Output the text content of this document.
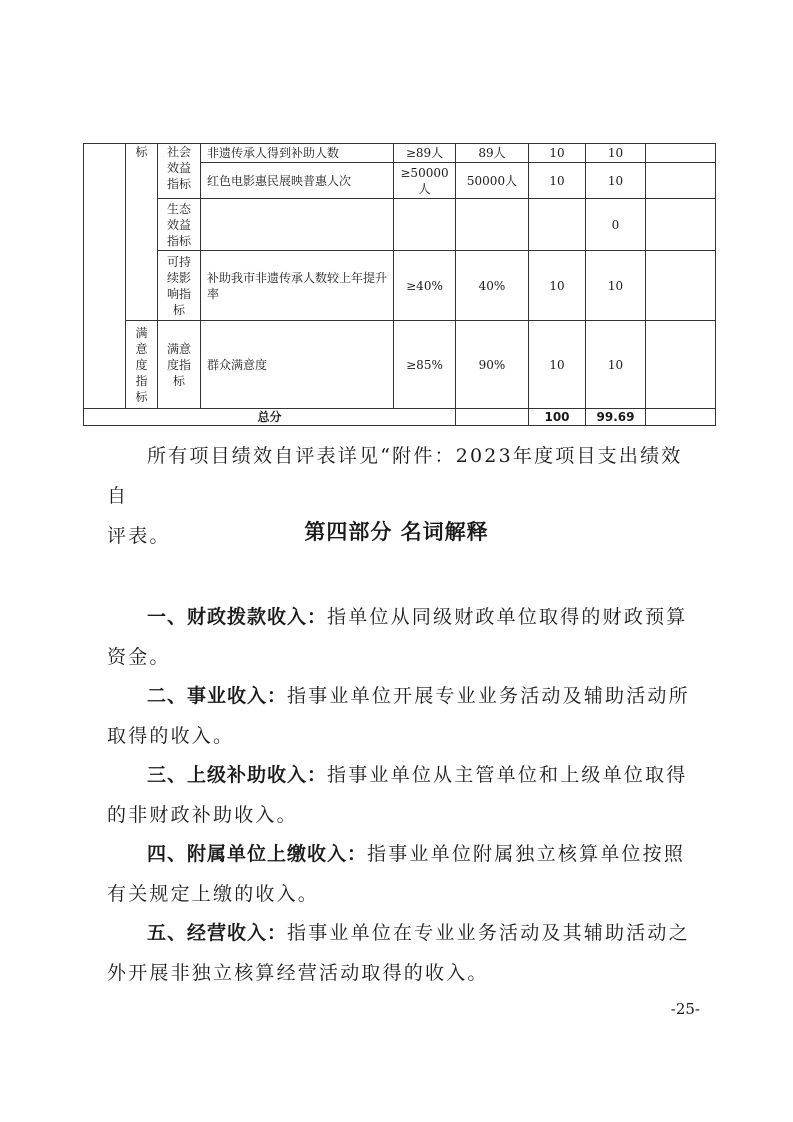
	标	社会效益指标	非遗传承人得到补助人数	≥89人	89人	10	10	
			红色电影惠民展映普惠人次	≥50000人	50000人	10	10	
		生态效益指标					0	
		可持续影响指标	补助我市非遗传承人数较上年提升率	≥40%	40%	10	10	
	满意度指标	满意度指标	群众满意度	≥85%	90%	10	10	
总分						100	99.69	
所有项目绩效自评表详见“附件：2023年度项目支出绩效自
评表。	第四部分 名词解释
一、财政拨款收入：指单位从同级财政单位取得的财政预算
资金。
二、事业收入：指事业单位开展专业业务活动及辅助活动所
取得的收入。
三、上级补助收入：指事业单位从主管单位和上级单位取得
的非财政补助收入。
四、附属单位上缴收入：指事业单位附属独立核算单位按照
有关规定上缴的收入。
五、经营收入：指事业单位在专业业务活动及其辅助活动之
外开展非独立核算经营活动取得的收入。
-25-
